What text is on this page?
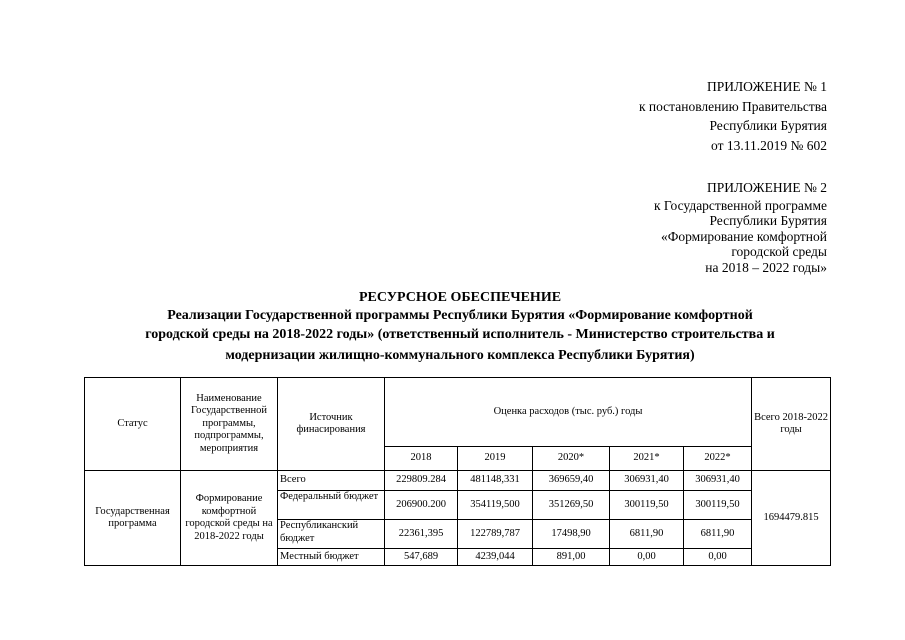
ПРИЛОЖЕНИЕ № 1
к постановлению Правительства
Республики Бурятия
от 13.11.2019 № 602
ПРИЛОЖЕНИЕ № 2
к Государственной программе
Республики Бурятия
«Формирование комфортной
городской среды
на 2018 – 2022 годы»
РЕСУРСНОЕ ОБЕСПЕЧЕНИЕ
Реализации Государственной программы Республики Бурятия «Формирование комфортной
городской среды на 2018-2022 годы» (ответственный исполнитель - Министерство строительства и
модернизации жилищно-коммунального комплекса Республики Бурятия)
Статус	Наименование Государственной программы, подпрограммы, мероприятия	Источник финасирования	Оценка расходов (тыс. руб.) годы					Всего 2018-2022 годы
			2018	2019	2020*	2021*	2022*	
Государственная программа	Формирование комфортной городской среды на 2018-2022 годы	Всего	229809.284	481148,331	369659,40	306931,40	306931,40	1694479.815
		Федеральный бюджет	206900.200	354119,500	351269,50	300119,50	300119,50	
		Республиканский бюджет	22361,395	122789,787	17498,90	6811,90	6811,90	
		Местный бюджет	547,689	4239,044	891,00	0,00	0,00	
